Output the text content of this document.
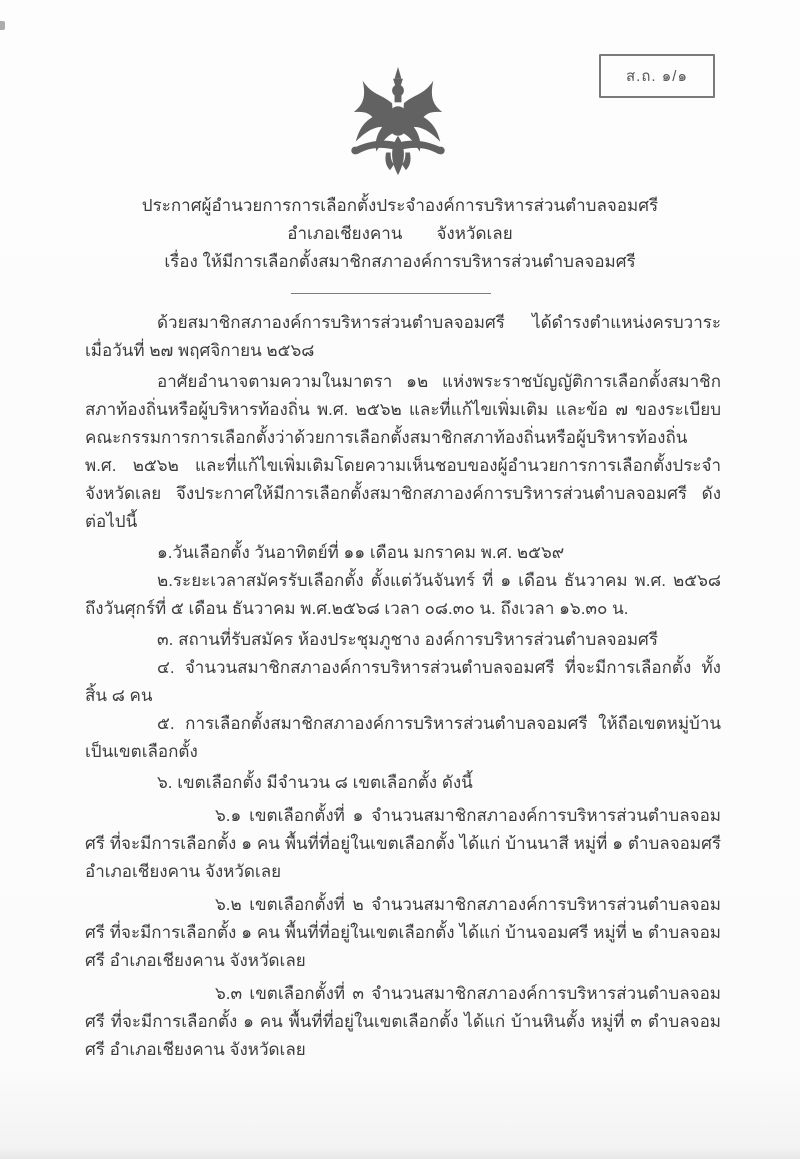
ส.ถ. ๑/๑
ประกาศผู้อำนวยการการเลือกตั้งประจำองค์การบริหารส่วนตำบลจอมศรี
อำเภอเชียงคาน จังหวัดเลย
เรื่อง ให้มีการเลือกตั้งสมาชิกสภาองค์การบริหารส่วนตำบลจอมศรี

ด้วยสมาชิกสภาองค์การบริหารส่วนตำบลจอมศรี ได้ดำรงตำแหน่งครบวาระ เมื่อวันที่ ๒๗ พฤศจิกายน ๒๕๖๘

อาศัยอำนาจตามความในมาตรา ๑๒ แห่งพระราชบัญญัติการเลือกตั้งสมาชิกสภาท้องถิ่นหรือผู้บริหารท้องถิ่น พ.ศ. ๒๕๖๒ และที่แก้ไขเพิ่มเติม และข้อ ๗ ของระเบียบคณะกรรมการการเลือกตั้งว่าด้วยการเลือกตั้งสมาชิกสภาท้องถิ่นหรือผู้บริหารท้องถิ่น พ.ศ. ๒๕๖๒ และที่แก้ไขเพิ่มเติมโดยความเห็นชอบของผู้อำนวยการการเลือกตั้งประจำจังหวัดเลย จึงประกาศให้มีการเลือกตั้งสมาชิกสภาองค์การบริหารส่วนตำบลจอมศรี ดังต่อไปนี้

๑.วันเลือกตั้ง วันอาทิตย์ที่ ๑๑ เดือน มกราคม พ.ศ. ๒๕๖๙

๒.ระยะเวลาสมัครรับเลือกตั้ง ตั้งแต่วันจันทร์ ที่ ๑ เดือน ธันวาคม พ.ศ. ๒๕๖๘ ถึงวันศุกร์ที่ ๕ เดือน ธันวาคม พ.ศ.๒๕๖๘ เวลา ๐๘.๓๐ น. ถึงเวลา ๑๖.๓๐ น.

๓. สถานที่รับสมัคร ห้องประชุมภูชาง องค์การบริหารส่วนตำบลจอมศรี

๔. จำนวนสมาชิกสภาองค์การบริหารส่วนตำบลจอมศรี ที่จะมีการเลือกตั้ง ทั้งสิ้น ๘ คน

๕. การเลือกตั้งสมาชิกสภาองค์การบริหารส่วนตำบลจอมศรี ให้ถือเขตหมู่บ้านเป็นเขตเลือกตั้ง

๖. เขตเลือกตั้ง มีจำนวน ๘ เขตเลือกตั้ง ดังนี้

๖.๑ เขตเลือกตั้งที่ ๑ จำนวนสมาชิกสภาองค์การบริหารส่วนตำบลจอมศรี ที่จะมีการเลือกตั้ง ๑ คน พื้นที่ที่อยู่ในเขตเลือกตั้ง ได้แก่ บ้านนาสี หมู่ที่ ๑ ตำบลจอมศรี อำเภอเชียงคาน จังหวัดเลย

๖.๒ เขตเลือกตั้งที่ ๒ จำนวนสมาชิกสภาองค์การบริหารส่วนตำบลจอมศรี ที่จะมีการเลือกตั้ง ๑ คน พื้นที่ที่อยู่ในเขตเลือกตั้ง ได้แก่ บ้านจอมศรี หมู่ที่ ๒ ตำบลจอมศรี อำเภอเชียงคาน จังหวัดเลย

๖.๓ เขตเลือกตั้งที่ ๓ จำนวนสมาชิกสภาองค์การบริหารส่วนตำบลจอมศรี ที่จะมีการเลือกตั้ง ๑ คน พื้นที่ที่อยู่ในเขตเลือกตั้ง ได้แก่ บ้านหินตั้ง หมู่ที่ ๓ ตำบลจอมศรี อำเภอเชียงคาน จังหวัดเลย
